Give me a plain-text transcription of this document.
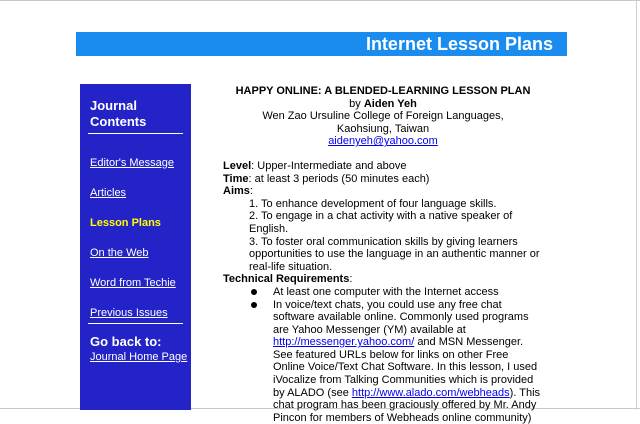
Internet Lesson Plans
Journal Contents
Editor's Message
Articles
Lesson Plans
On the Web
Word from Techie
Previous Issues
Go back to:
Journal Home Page
HAPPY ONLINE: A BLENDED-LEARNING LESSON PLAN
by Aiden Yeh
Wen Zao Ursuline College of Foreign Languages,
Kaohsiung, Taiwan
aidenyeh@yahoo.com
Level: Upper-Intermediate and above
Time: at least 3 periods (50 minutes each)
Aims:
1. To enhance development of four language skills.
2. To engage in a chat activity with a native speaker of English.
3. To foster oral communication skills by giving learners opportunities to use the language in an authentic manner or real-life situation.
Technical Requirements:
At least one computer with the Internet access
In voice/text chats, you could use any free chat software available online. Commonly used programs are Yahoo Messenger (YM) available at http://messenger.yahoo.com/ and MSN Messenger. See featured URLs below for links on other Free Online Voice/Text Chat Software. In this lesson, I used iVocalize from Talking Communities which is provided by ALADO (see http://www.alado.com/webheads). This chat program has been graciously offered by Mr. Andy Pincon for members of Webheads online community)
